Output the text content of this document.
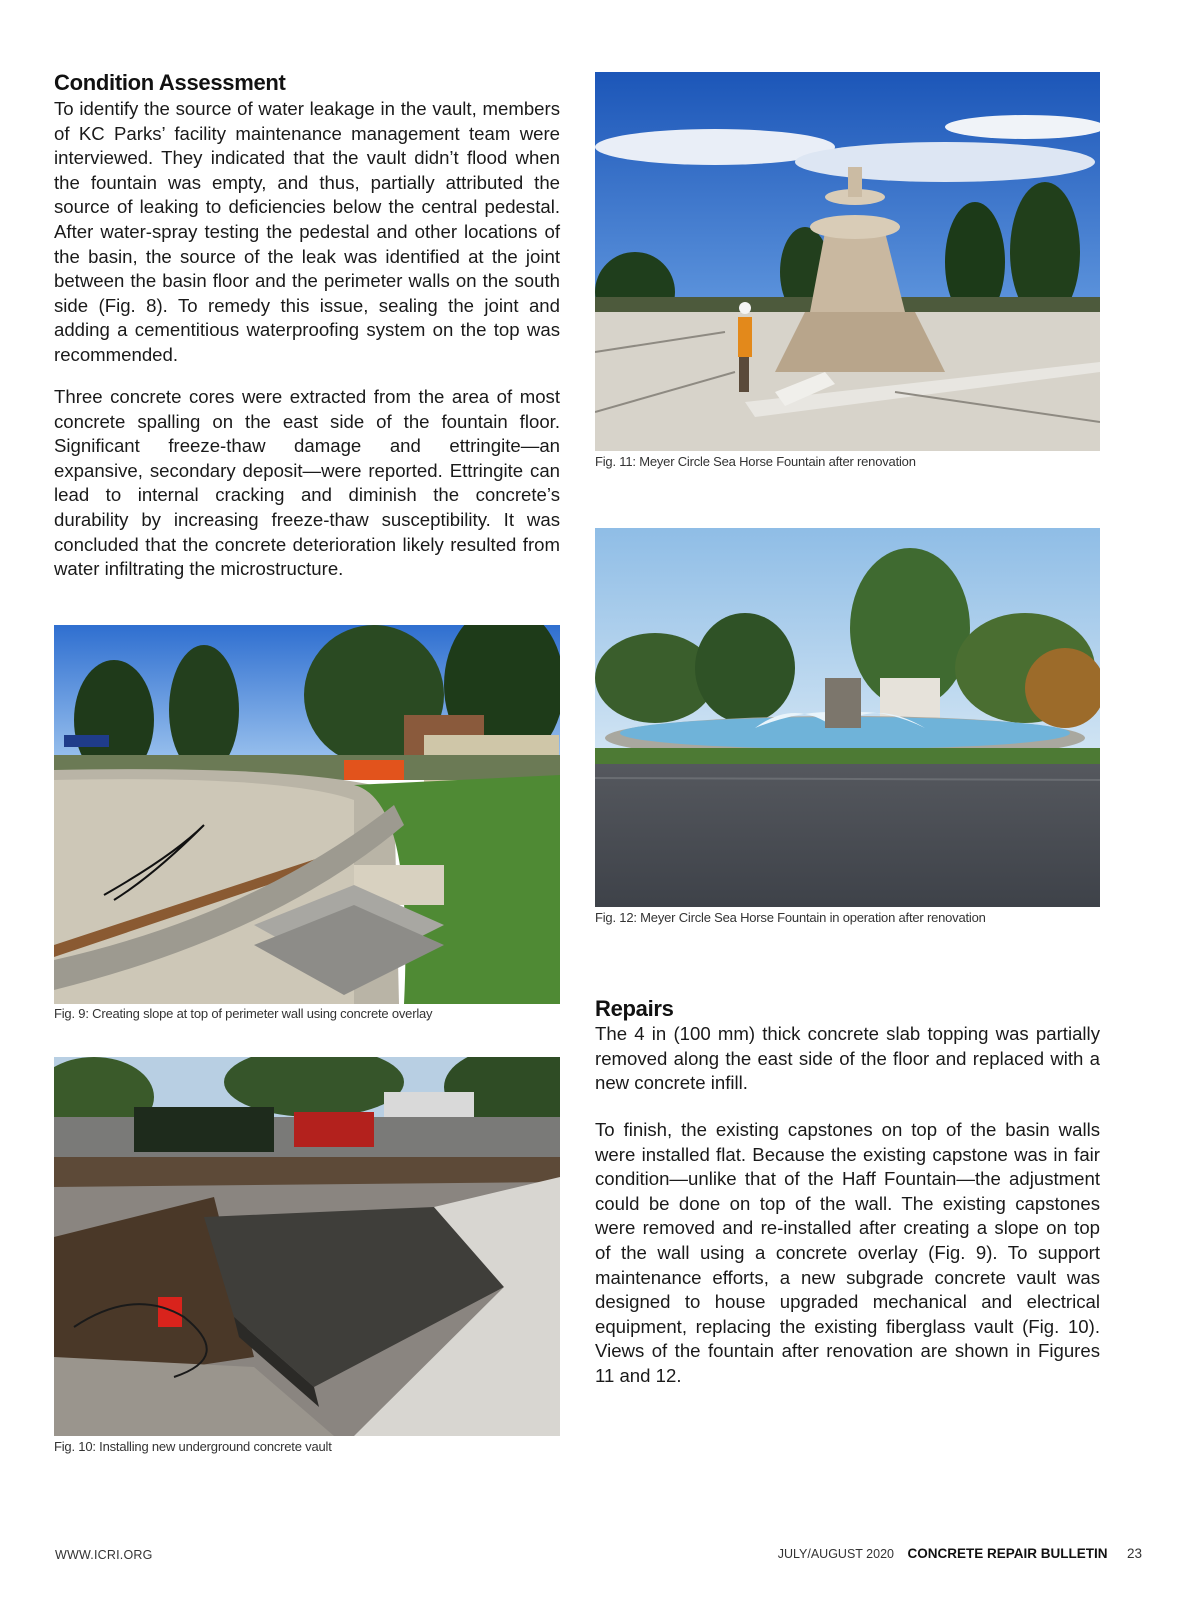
Condition Assessment

To identify the source of water leakage in the vault, members of KC Parks’ facility maintenance management team were interviewed. They indicated that the vault didn’t flood when the fountain was empty, and thus, partially attributed the source of leaking to deficiencies below the central pedestal. After water-spray testing the pedestal and other locations of the basin, the source of the leak was identified at the joint between the basin floor and the perimeter walls on the south side (Fig. 8). To remedy this issue, sealing the joint and adding a cementitious waterproofing system on the top was recommended.

Three concrete cores were extracted from the area of most concrete spalling on the east side of the fountain floor. Significant freeze-thaw damage and ettringite—an expansive, secondary deposit—were reported. Ettringite can lead to internal cracking and diminish the concrete’s durability by increasing freeze-thaw susceptibility. It was concluded that the concrete deterioration likely resulted from water infiltrating the microstructure.

Fig. 9: Creating slope at top of perimeter wall using concrete overlay

Fig. 10: Installing new underground concrete vault

Fig. 11: Meyer Circle Sea Horse Fountain after renovation

Fig. 12: Meyer Circle Sea Horse Fountain in operation after renovation

Repairs

The 4 in (100 mm) thick concrete slab topping was partially removed along the east side of the floor and replaced with a new concrete infill.

To finish, the existing capstones on top of the basin walls were installed flat. Because the existing capstone was in fair condition—unlike that of the Haff Fountain—the adjustment could be done on top of the wall. The existing capstones were removed and re-installed after creating a slope on top of the wall using a concrete overlay (Fig. 9). To support maintenance efforts, a new subgrade concrete vault was designed to house upgraded mechanical and electrical equipment, replacing the existing fiberglass vault (Fig. 10). Views of the fountain after renovation are shown in Figures 11 and 12.

WWW.ICRI.ORG	JULY/AUGUST 2020 CONCRETE REPAIR BULLETIN 23
